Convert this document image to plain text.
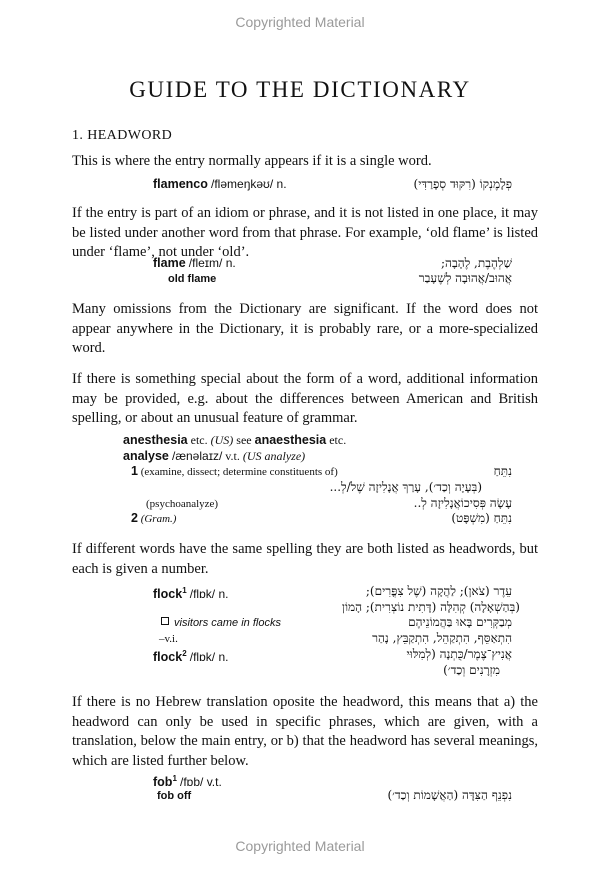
Copyrighted Material
GUIDE TO THE DICTIONARY
1. HEADWORD
This is where the entry normally appears if it is a single word.
flamenco /flǝmeŋkǝʊ/ n.	פְלָמֶנְקוֹ (רִקּוּד סְפָרַדִּי)
If the entry is part of an idiom or phrase, and it is not listed in one place, it may be listed under another word from that phrase. For example, ‘old flame’ is listed under ‘flame’, not under ‘old’.
flame /fleɪm/ n.	שַׁלְהֶבֶת, לֶהָבָה;
old flame	אֲהוּב/אֲהוּבָה לְשֶׁעָבַר
Many omissions from the Dictionary are significant. If the word does not appear anywhere in the Dictionary, it is probably rare, or a more-specialized word.
If there is something special about the form of a word, additional information may be provided, e.g. about the differences between American and British spelling, or about an unusual feature of grammar.
anesthesia etc. (US) see anaesthesia etc.
analyse /ænəlaɪz/ v.t. (US analyze)
1 (examine, dissect; determine constituents of)	נִתֵּחַ
(בְּעָיָה וְכַד׳), עָרַךְ אֲנָלִיזָה שֶׁל/לְ...
(psychoanalyze)	עָשָׂה פְּסִיכוֹאֲנָלִיזָה לְ..
2 (Gram.)	נִתֵּחַ (מִשְׁפָּט)
If different words have the same spelling they are both listed as headwords, but each is given a number.
flock$^1$ /flɒk/ n.	עֵדֶר (צֹאן); לַהֲקָה (שֶׁל צִפֳּרִים);
(בְּהַשְׁאָלָה) קְהִלָּה (דָּתִית נוֹצְרִית); הָמוֹן
visitors came in flocks	מְבַקְּרִים בָּאוּ בַּהֲמוֹנֵיהֶם
–v.i.	הִתְאַסֵּף, הִתְקַהֵל, הִתְקַבֵּץ, נָהַר
flock$^2$ /flɒk/ n.	אֲנִיץ־צֶמֶר/כֻּתְנָה (לְמִלּוּי
מִזְרָנִים וְכַד׳)
If there is no Hebrew translation oposite the headword, this means that a) the headword can only be used in specific phrases, which are given, with a translation, below the main entry, or b) that the headword has several meanings, which are listed further below.
fob$^1$ /fɒb/ v.t.
fob off	נִפְנֵף הַצִּדָּה (הַאֲשָׁמוֹת וְכַד׳)
Copyrighted Material
